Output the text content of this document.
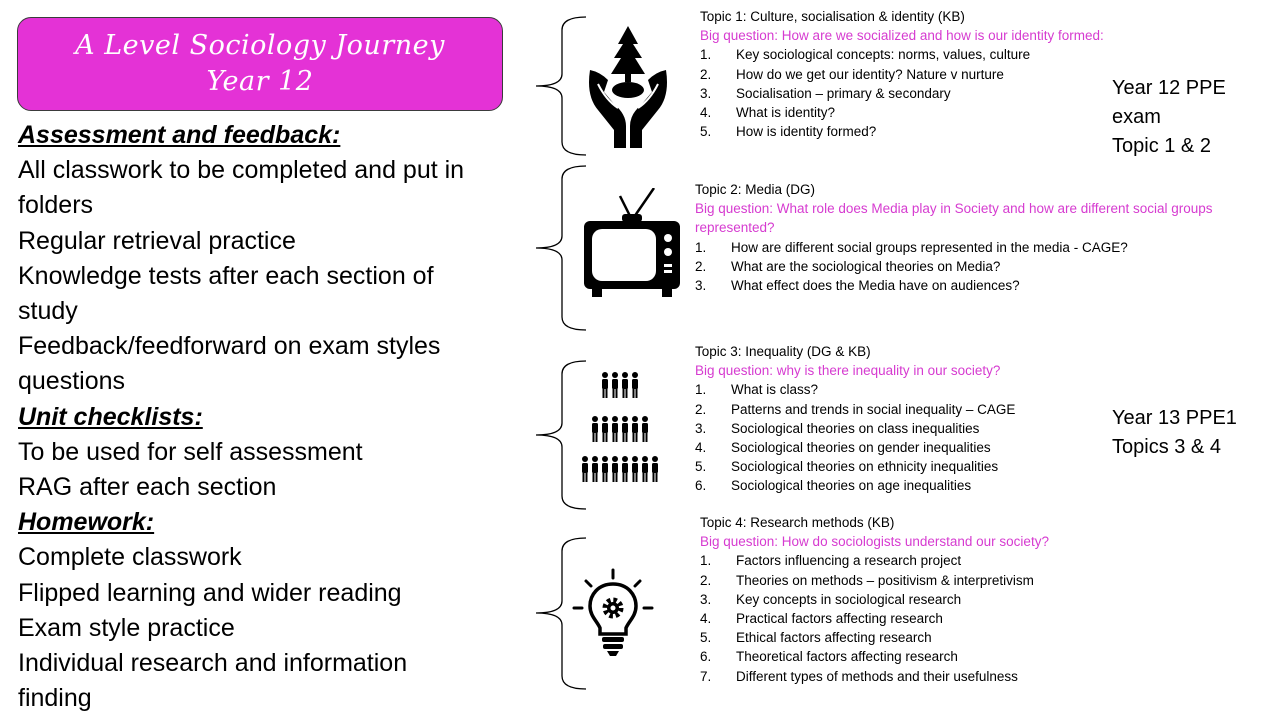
A Level Sociology Journey
Year 12
Assessment and feedback:
All classwork to be completed and put in
folders
Regular retrieval practice
Knowledge tests after each section of
study
Feedback/feedforward on exam styles
questions
Unit checklists:
To be used for self assessment
RAG after each section
Homework:
Complete classwork
Flipped learning and wider reading
Exam style practice
Individual research and information
finding
Topic 1: Culture, socialisation & identity (KB)
Big question: How are we socialized and how is our identity formed:
1.	Key sociological concepts: norms, values, culture
2.	How do we get our identity? Nature v nurture
3.	Socialisation – primary & secondary
4.	What is identity?
5.	How is identity formed?
Topic 2: Media (DG)
Big question: What role does Media play in Society and how are different social groups represented?
1.	How are different social groups represented in the media - CAGE?
2.	What are the sociological theories on Media?
3.	What effect does the Media have on audiences?
Topic 3: Inequality (DG & KB)
Big question: why is there inequality in our society?
1.	What is class?
2.	Patterns and trends in social inequality – CAGE
3.	Sociological theories on class inequalities
4.	Sociological theories on gender inequalities
5.	Sociological theories on ethnicity inequalities
6.	Sociological theories on age inequalities
Topic 4: Research methods (KB)
Big question: How do sociologists understand our society?
1.	Factors influencing a research project
2.	Theories on methods – positivism & interpretivism
3.	Key concepts in sociological research
4.	Practical factors affecting research
5.	Ethical factors affecting research
6.	Theoretical factors affecting research
7.	Different types of methods and their usefulness
Year 12 PPE
exam
Topic 1 & 2
Year 13 PPE1
Topics 3 & 4
